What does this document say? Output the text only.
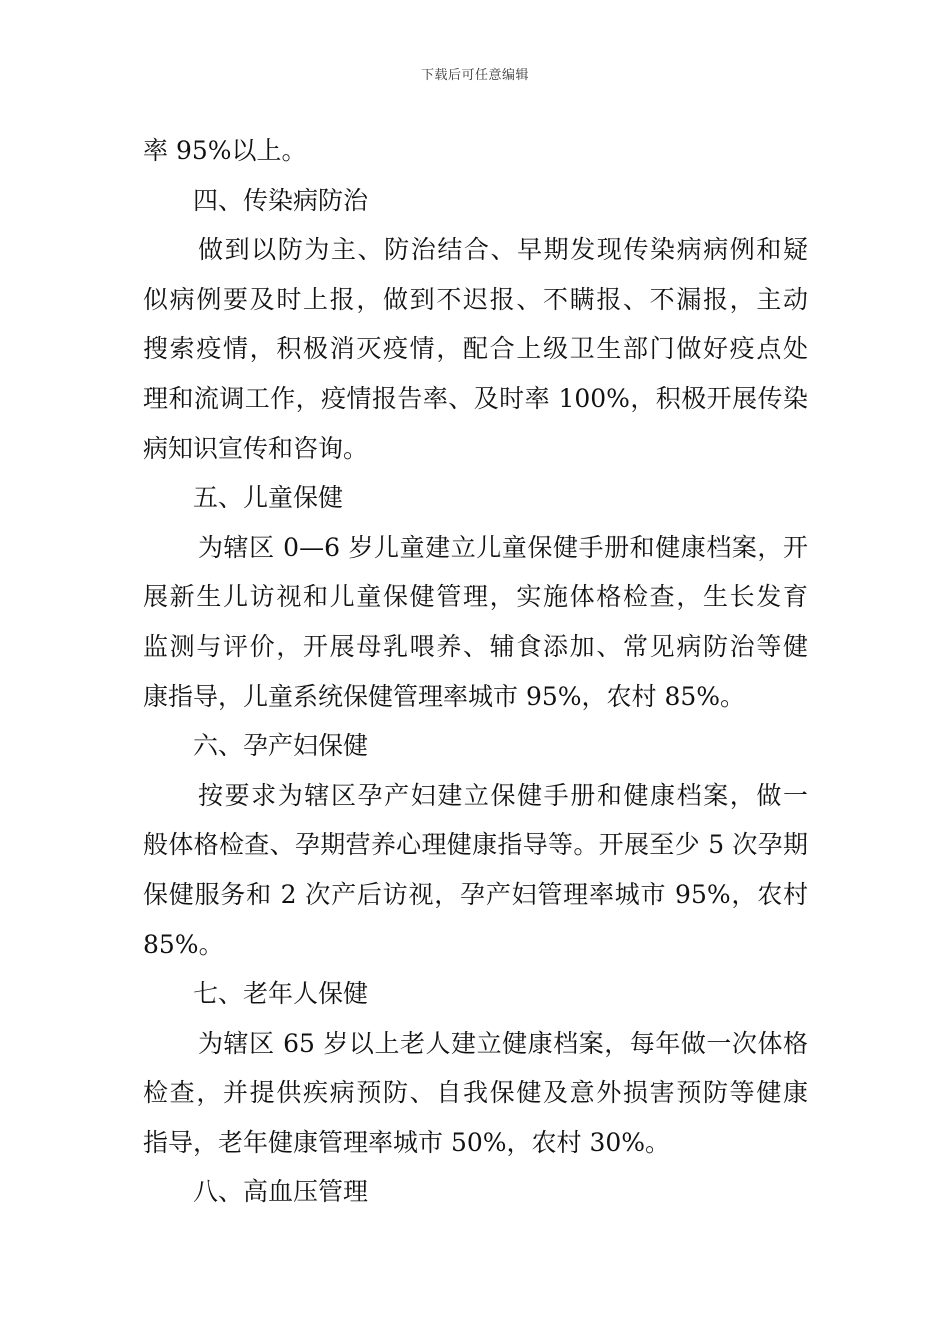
下载后可任意编辑
率 95%以上。
四、传染病防治
做到以防为主、防治结合、早期发现传染病病例和疑
似病例要及时上报，做到不迟报、不瞒报、不漏报，主动
搜索疫情，积极消灭疫情，配合上级卫生部门做好疫点处
理和流调工作，疫情报告率、及时率 100%，积极开展传染
病知识宣传和咨询。
五、儿童保健
为辖区 0—6 岁儿童建立儿童保健手册和健康档案，开
展新生儿访视和儿童保健管理，实施体格检查，生长发育
监测与评价，开展母乳喂养、辅食添加、常见病防治等健
康指导，儿童系统保健管理率城市 95%，农村 85%。
六、孕产妇保健
按要求为辖区孕产妇建立保健手册和健康档案，做一
般体格检查、孕期营养心理健康指导等。开展至少 5 次孕期
保健服务和 2 次产后访视，孕产妇管理率城市 95%，农村
85%。
七、老年人保健
为辖区 65 岁以上老人建立健康档案，每年做一次体格
检查，并提供疾病预防、自我保健及意外损害预防等健康
指导，老年健康管理率城市 50%，农村 30%。
八、高血压管理
